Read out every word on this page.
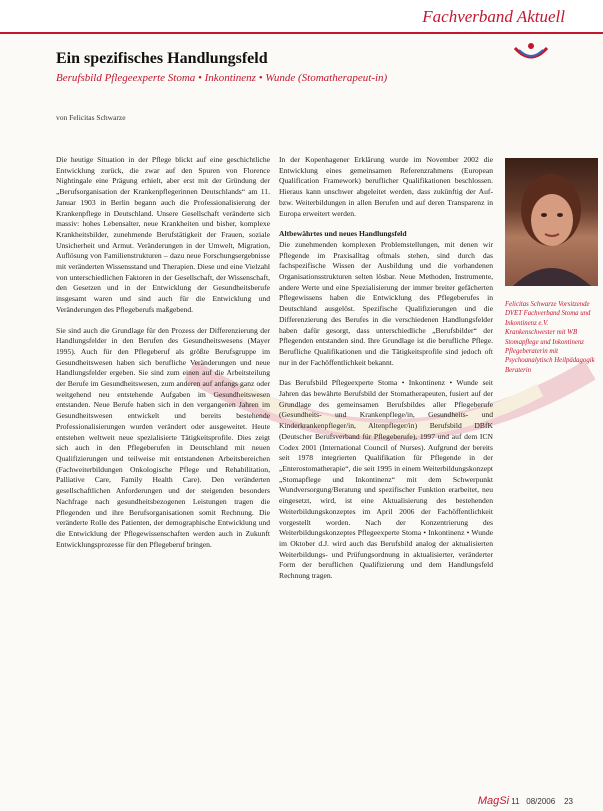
Fachverband Aktuell
Ein spezifisches Handlungsfeld
Berufsbild Pflegeexperte Stoma • Inkontinenz • Wunde (Stomatherapeut-in)
von Felicitas Schwarze

Die heutige Situation in der Pflege blickt auf eine geschichtliche Entwicklung zurück, die zwar auf den Spuren von Florence Nightingale eine Prägung erhielt, aber erst mit der Gründung der „Berufsorganisation der Krankenpflegerinnen Deutschlands“ am 11. Januar 1903 in Berlin begann auch die Professionalisierung der Krankenpflege in Deutschland. Unsere Gesellschaft veränderte sich massiv: hohes Lebensalter, neue Krankheiten und bisher, komplexe Krankheitsbilder, zunehmende Berufstätigkeit der Frauen, soziale Unsicherheit und Armut. Veränderungen in der Umwelt, Migration, Auflösung von Familienstrukturen – dazu neue Forschungsergebnisse mit veränderten Wissensstand und Therapien. Diese und eine Vielzahl von unterschiedlichen Faktoren in der Gesellschaft, der Wissenschaft, den Gesetzen und in der Entwicklung der Gesundheitsberufe insgesamt waren und sind auch für die Entwicklung und Veränderungen des Pflegeberufs maßgebend.

Sie sind auch die Grundlage für den Prozess der Differenzierung der Handlungsfelder in den Berufen des Gesundheitswesens (Mayer 1995). Auch für den Pflegeberuf als größte Berufsgruppe im Gesundheitswesen haben sich berufliche Veränderungen und neue Handlungsfelder ergeben. Sie sind zum einen auf die Arbeitsteilung der Berufe im Gesundheitswesen, zum anderen auf anfangs ganz oder weitgehend neu entstehende Aufgaben im Gesundheitswesen entstanden. Neue Berufe haben sich in den vergangenen Jahren im Gesundheitswesen entwickelt und bereits bestehende Professionalisierungen wurden verändert oder ausgeweitet. Heute entstehen weltweit neue spezialisierte Tätigkeitsprofile. Dies zeigt sich auch in den Pflegeberufen in Deutschland mit neuen Qualifizierungen und teilweise mit entstandenen Arbeitsbereichen (Fachweiterbildungen Onkologische Pflege und Rehabilitation, Palliative Care, Family Health Care). Den veränderten gesellschaftlichen Anforderungen und der steigenden besonders Nachfrage nach gesundheitsbezogenen Leistungen tragen die Pflegenden und ihre Berufsorganisationen somit Rechnung. Die veränderte Rolle des Patienten, der demographische Entwicklung und die Entwicklung der Pflegewissenschaften werden auch in Zukunft Entwicklungsprozesse für den Pflegeberuf bringen.

In der Kopenhagener Erklärung wurde im November 2002 die Entwicklung eines gemeinsamen Referenzrahmens (European Qualification Framework) beruflicher Qualifikationen beschlossen. Hieraus kann unschwer abgeleitet werden, dass zukünftig der Auf- bzw. Weiterbildungen in allen Berufen und auf deren Transparenz in Europa erweitert werden.

Altbewährtes und neues Handlungsfeld

Die zunehmenden komplexen Problemstellungen, mit denen wir Pflegende im Praxisalltag oftmals stehen, sind durch das fachspezifische Wissen der Ausbildung und die vorhandenen Organisationsstrukturen selten lösbar. Neue Methoden, Instrumente, andere Werte und eine Spezialisierung der immer breiter gefächerten Pflegewissens haben die Entwicklung des Pflegeberufes in Deutschland ausgelöst. Spezifische Qualifizierungen und die Differenzierung des Berufes in die verschiedenen Handlungsfelder haben dafür gesorgt, dass unterschiedliche „Berufsbilder“ der Pflegenden entstanden sind. Ihre Grundlage ist die berufliche Pflege. Berufliche Qualifikationen und die Tätigkeitsprofile sind jedoch oft nur in der Fachöffentlichkeit bekannt.

Das Berufsbild Pflegeexperte Stoma • Inkontinenz • Wunde seit Jahren das bewährte Berufsbild der Stomatherapeuten, fusiert auf der Grundlage des gemeinsamen Berufsbildes aller Pflegeberufe (Gesundheits- und Krankenpflege/in, Gesundheits- und Kinderkrankenpfleger/in, Altenpfleger/in) Berufsbild DBfK (Deutscher Berufsverband für Pflegeberufe), 1997 und auf dem ICN Codex 2001 (International Council of Nurses). Aufgrund der bereits seit 1978 integrierten Qualifikation für Pflegende in der „Enterostomatherapie“, die seit 1995 in einem Weiterbildungskonzept „Stomapflege und Inkontinenz“ mit dem Schwerpunkt Wundversorgung/Beratung und spezifischer Funktion erarbeitet, neu eingesetzt, wird, ist eine Aktualisierung des bestehenden Weiterbildungskonzeptes im April 2006 der Fachöffentlichkeit vorgestellt worden. Nach der Konzentrierung des Weiterbildungskonzeptes Pflegeexperte Stoma • Inkontinenz • Wunde im Oktober d.J. wird auch das Berufsbild analog der aktualisierten Weiterbildungs- und Prüfungsordnung in aktualisierter, veränderter Form der beruflichen Qualifizierung und dem Handlungsfeld Rechnung tragen.

Felicitas Schwarze Vorsitzende DVET Fachverband Stoma und Inkontinenz e.V. Krankenschwester mit WB Stomapflege und Inkontinenz Pflegeberaterin mit Psychoanalytisch Heilpädagogik Beraterin
MagSi 11 08/2006 23
